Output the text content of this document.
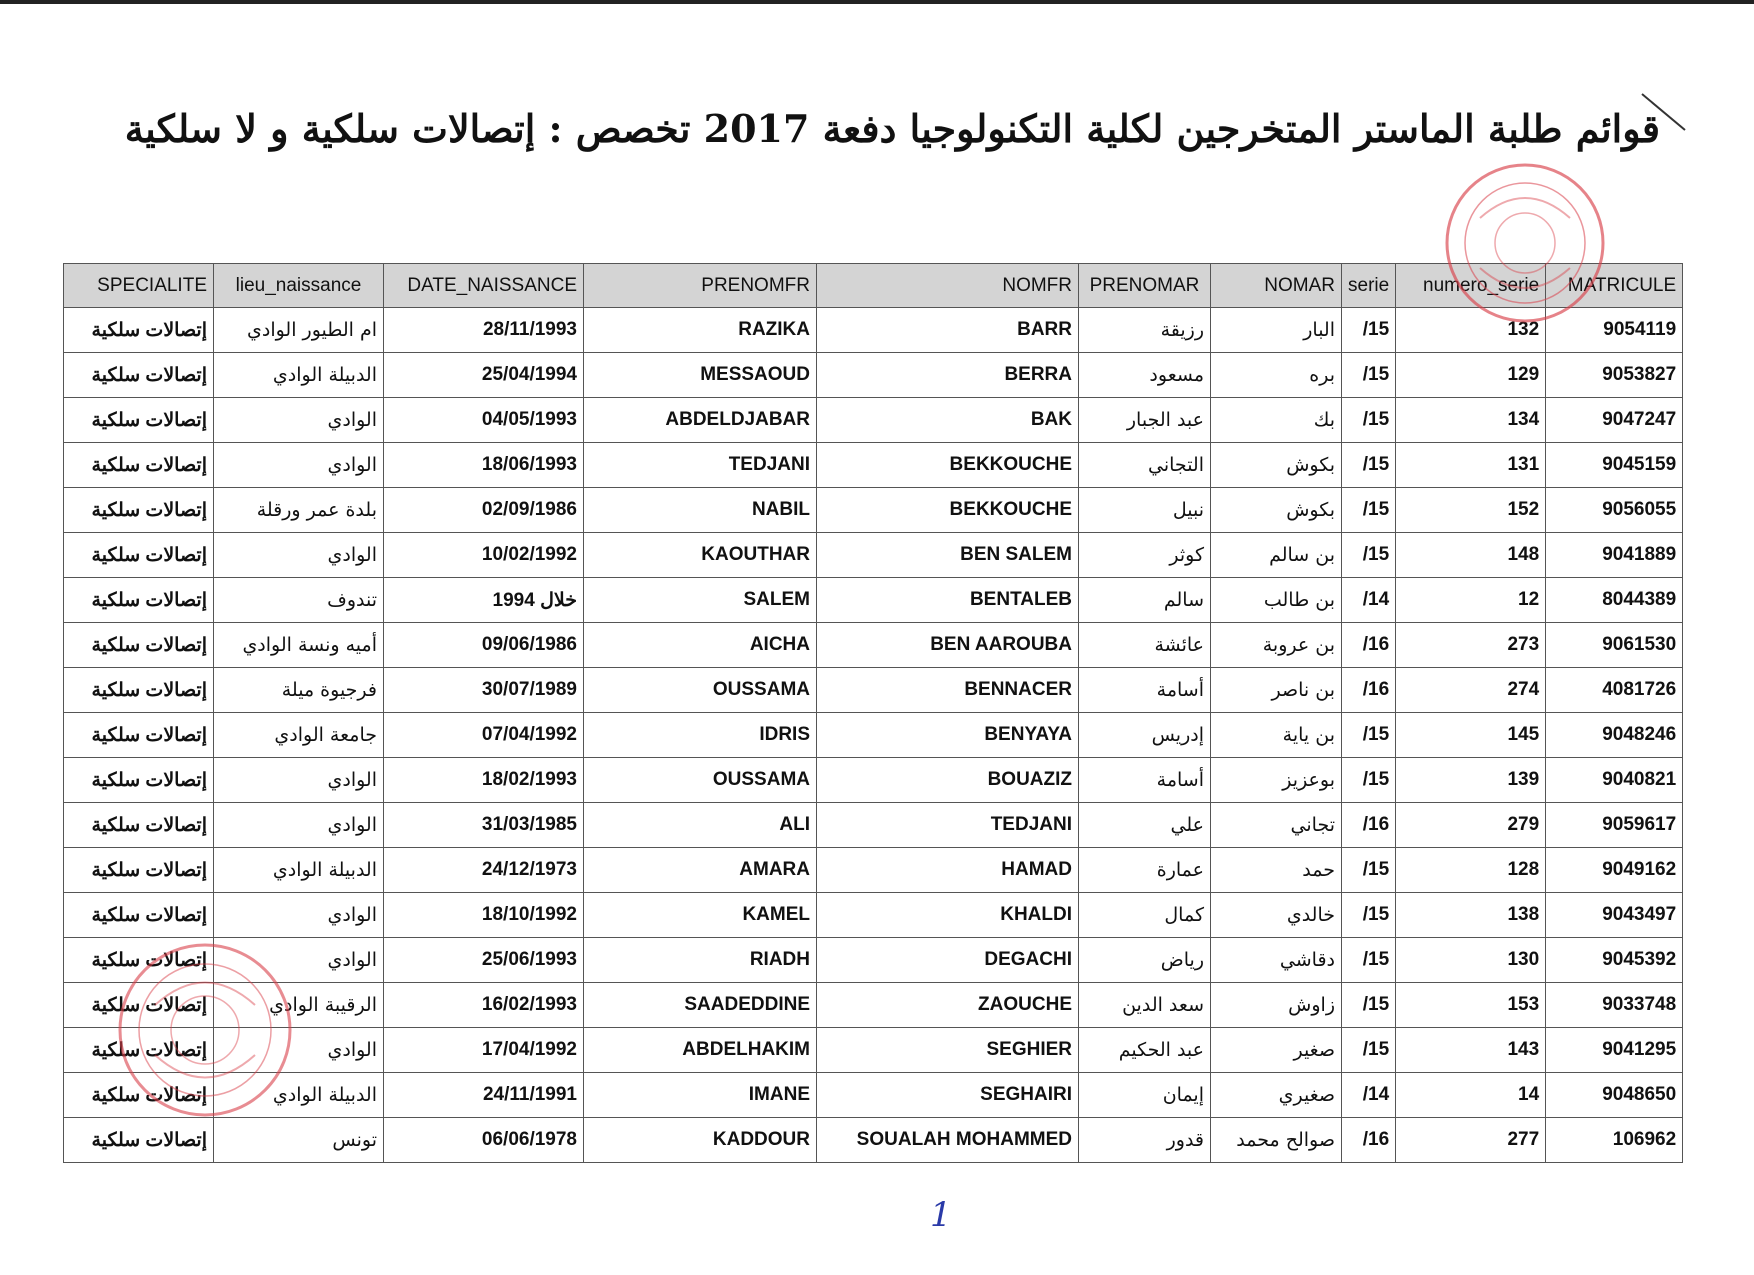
قوائم طلبة الماستر المتخرجين لكلية التكنولوجيا دفعة 2017 تخصص : إتصالات سلكية و لا سلكية
SPECIALITE	lieu_naissance	DATE_NAISSANCE	PRENOMFR	NOMFR	PRENOMAR	NOMAR	serie	numero_serie	MATRICULE
إتصالات سلكية	ام الطيور الوادي	28/11/1993	RAZIKA	BARR	رزيقة	البار	/15	132	9054119
إتصالات سلكية	الدبيلة الوادي	25/04/1994	MESSAOUD	BERRA	مسعود	بره	/15	129	9053827
إتصالات سلكية	الوادي	04/05/1993	ABDELDJABAR	BAK	عبد الجبار	بك	/15	134	9047247
إتصالات سلكية	الوادي	18/06/1993	TEDJANI	BEKKOUCHE	التجاني	بكوش	/15	131	9045159
إتصالات سلكية	بلدة عمر ورقلة	02/09/1986	NABIL	BEKKOUCHE	نبيل	بكوش	/15	152	9056055
إتصالات سلكية	الوادي	10/02/1992	KAOUTHAR	BEN SALEM	كوثر	بن سالم	/15	148	9041889
إتصالات سلكية	تندوف	خلال 1994	SALEM	BENTALEB	سالم	بن طالب	/14	12	8044389
إتصالات سلكية	أميه ونسة الوادي	09/06/1986	AICHA	BEN AAROUBA	عائشة	بن عروبة	/16	273	9061530
إتصالات سلكية	فرجيوة ميلة	30/07/1989	OUSSAMA	BENNACER	أسامة	بن ناصر	/16	274	4081726
إتصالات سلكية	جامعة الوادي	07/04/1992	IDRIS	BENYAYA	إدريس	بن ياية	/15	145	9048246
إتصالات سلكية	الوادي	18/02/1993	OUSSAMA	BOUAZIZ	أسامة	بوعزيز	/15	139	9040821
إتصالات سلكية	الوادي	31/03/1985	ALI	TEDJANI	علي	تجاني	/16	279	9059617
إتصالات سلكية	الدبيلة الوادي	24/12/1973	AMARA	HAMAD	عمارة	حمد	/15	128	9049162
إتصالات سلكية	الوادي	18/10/1992	KAMEL	KHALDI	كمال	خالدي	/15	138	9043497
إتصالات سلكية	الوادي	25/06/1993	RIADH	DEGACHI	رياض	دقاشي	/15	130	9045392
إتصالات سلكية	الرقيبة الوادي	16/02/1993	SAADEDDINE	ZAOUCHE	سعد الدين	زاوش	/15	153	9033748
إتصالات سلكية	الوادي	17/04/1992	ABDELHAKIM	SEGHIER	عبد الحكيم	صغير	/15	143	9041295
إتصالات سلكية	الدبيلة الوادي	24/11/1991	IMANE	SEGHAIRI	إيمان	صغيري	/14	14	9048650
إتصالات سلكية	تونس	06/06/1978	KADDOUR	SOUALAH MOHAMMED	قدور	صوالح محمد	/16	277	106962
1
